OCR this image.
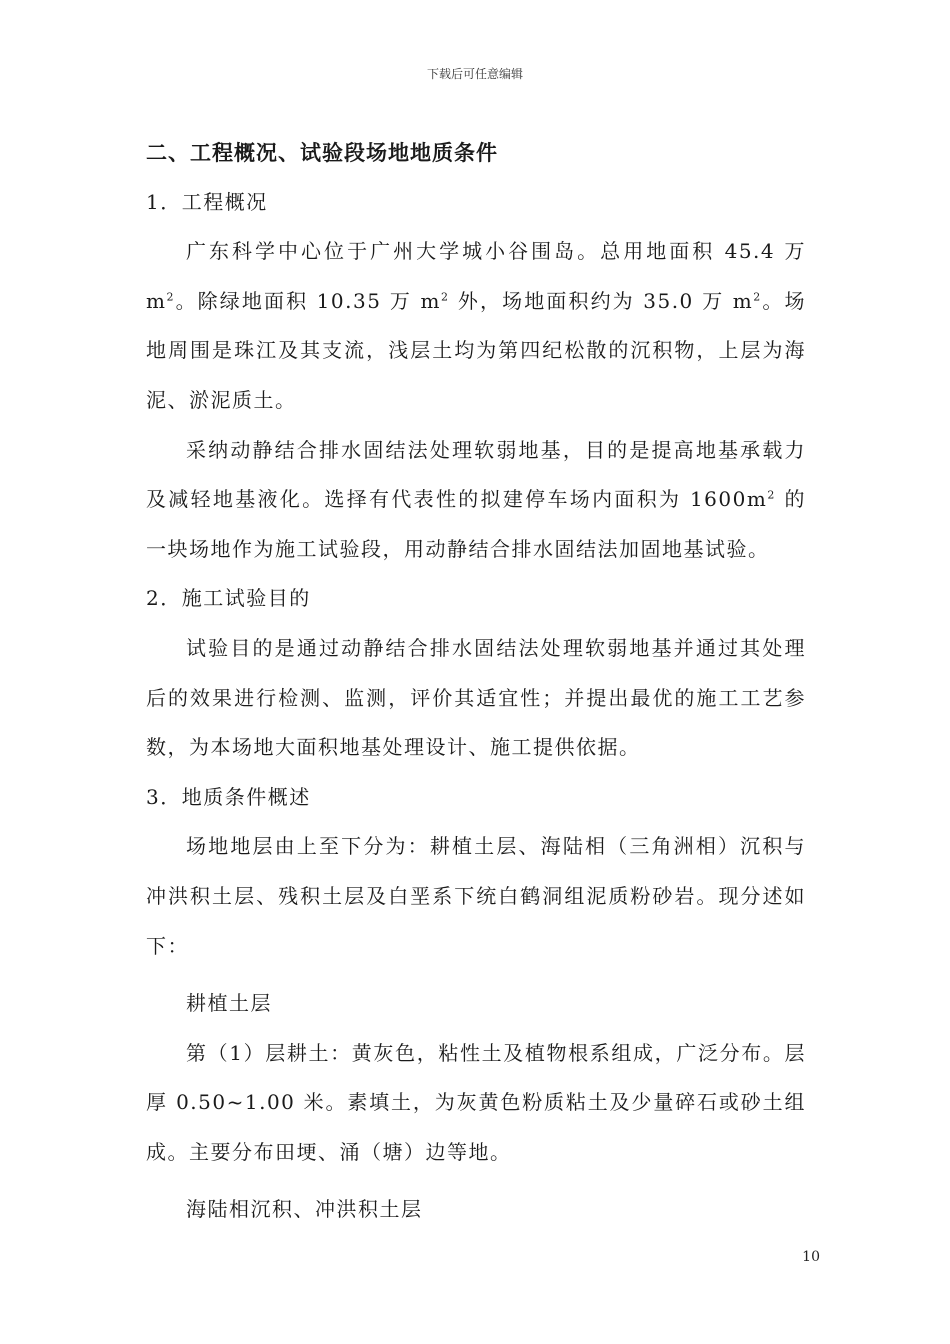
下载后可任意编辑
二、工程概况、试验段场地地质条件

1．工程概况

广东科学中心位于广州大学城小谷围岛。总用地面积 45.4 万 $m^2$。除绿地面积 10.35 万 $m^2$ 外，场地面积约为 35.0 万 $m^2$。场地周围是珠江及其支流，浅层土均为第四纪松散的沉积物，上层为海泥、淤泥质土。

采纳动静结合排水固结法处理软弱地基，目的是提高地基承载力及减轻地基液化。选择有代表性的拟建停车场内面积为 $1600m^2$ 的一块场地作为施工试验段，用动静结合排水固结法加固地基试验。

2．施工试验目的

试验目的是通过动静结合排水固结法处理软弱地基并通过其处理后的效果进行检测、监测，评价其适宜性；并提出最优的施工工艺参数，为本场地大面积地基处理设计、施工提供依据。

3．地质条件概述

场地地层由上至下分为：耕植土层、海陆相（三角洲相）沉积与冲洪积土层、残积土层及白垩系下统白鹤洞组泥质粉砂岩。现分述如下：

耕植土层

第（1）层耕土：黄灰色，粘性土及植物根系组成，广泛分布。层厚 0.50~1.00 米。素填土，为灰黄色粉质粘土及少量碎石或砂土组成。主要分布田埂、涌（塘）边等地。

海陆相沉积、冲洪积土层

10
